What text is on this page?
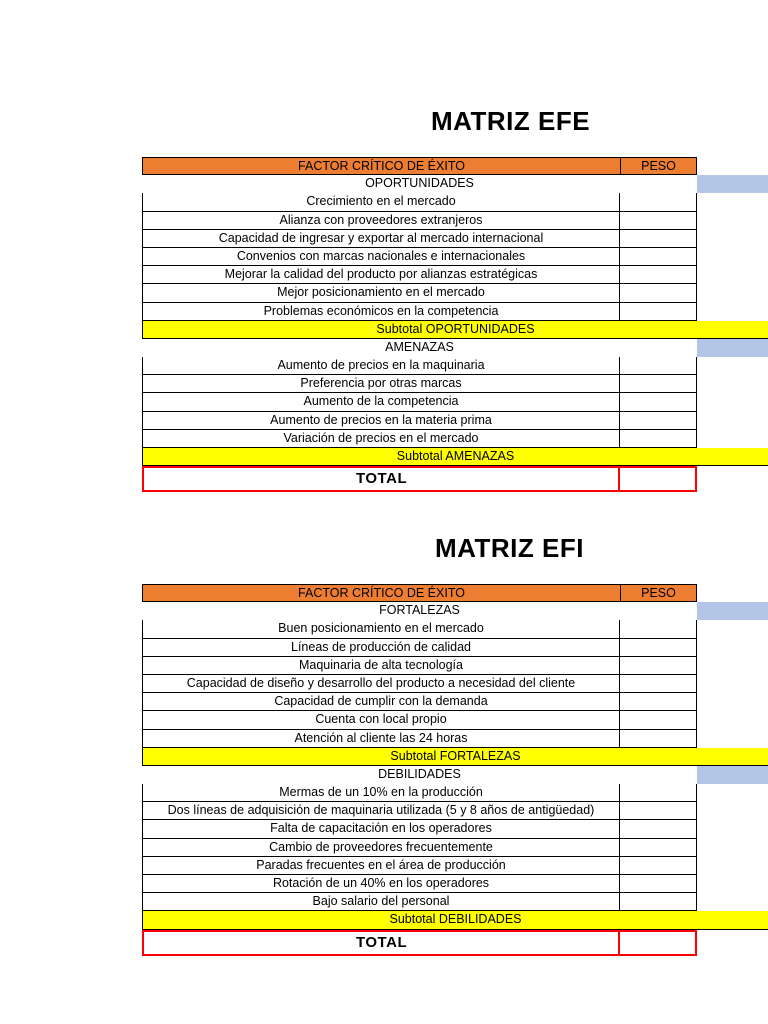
MATRIZ EFE
FACTOR CRÍTICO DE ÉXITO	PESO
OPORTUNIDADES
Crecimiento en el mercado
Alianza con proveedores extranjeros
Capacidad de ingresar y exportar al mercado internacional
Convenios con marcas nacionales e internacionales
Mejorar la calidad del producto por alianzas estratégicas
Mejor posicionamiento en el mercado
Problemas económicos en la competencia
Subtotal OPORTUNIDADES
AMENAZAS
Aumento de precios en la maquinaria
Preferencia por otras marcas
Aumento de la competencia
Aumento de precios en la materia prima
Variación de precios en el mercado
Subtotal AMENAZAS
TOTAL
MATRIZ EFI
FACTOR CRÍTICO DE ÉXITO	PESO
FORTALEZAS
Buen posicionamiento en el mercado
Líneas de producción de calidad
Maquinaria de alta tecnología
Capacidad de diseño y desarrollo del producto a necesidad del cliente
Capacidad de cumplir con la demanda
Cuenta con local propio
Atención al cliente las 24 horas
Subtotal FORTALEZAS
DEBILIDADES
Mermas de un 10% en la producción
Dos líneas de adquisición de maquinaria utilizada (5 y 8 años de antigüedad)
Falta de capacitación en los operadores
Cambio de proveedores frecuentemente
Paradas frecuentes en el área de producción
Rotación de un 40% en los operadores
Bajo salario del personal
Subtotal DEBILIDADES
TOTAL
